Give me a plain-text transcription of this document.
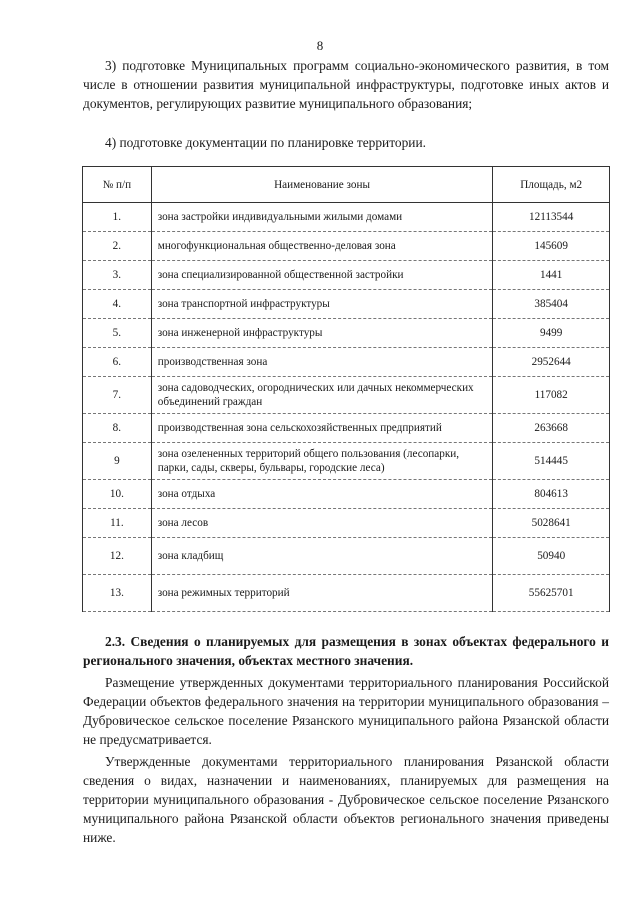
8

3) подготовке Муниципальных программ социально-экономического развития, в том числе в отношении развития муниципальной инфраструктуры, подготовке иных актов и документов, регулирующих развитие муниципального образования;

4) подготовке документации по планировке территории.

№ п/п	Наименование зоны	Площадь, м2
1.	зона застройки индивидуальными жилыми домами	12113544
2.	многофункциональная общественно-деловая зона	145609
3.	зона специализированной общественной застройки	1441
4.	зона транспортной инфраструктуры	385404
5.	зона инженерной инфраструктуры	9499
6.	производственная зона	2952644
7.	зона садоводческих, огороднических или дачных некоммерческих объединений граждан	117082
8.	производственная зона сельскохозяйственных предприятий	263668
9	зона озелененных территорий общего пользования (лесопарки, парки, сады, скверы, бульвары, городские леса)	514445
10.	зона отдыха	804613
11.	зона лесов	5028641
12.	зона кладбищ	50940
13.	зона режимных территорий	55625701

2.3. Сведения о планируемых для размещения в зонах объектах федерального и регионального значения, объектах местного значения.

Размещение утвержденных документами территориального планирования Российской Федерации объектов федерального значения на территории муниципального образования – Дубровическое сельское поселение Рязанского муниципального района Рязанской области не предусматривается.

Утвержденные документами территориального планирования Рязанской области сведения о видах, назначении и наименованиях, планируемых для размещения на территории муниципального образования - Дубровическое сельское поселение Рязанского муниципального района Рязанской области объектов регионального значения приведены ниже.
